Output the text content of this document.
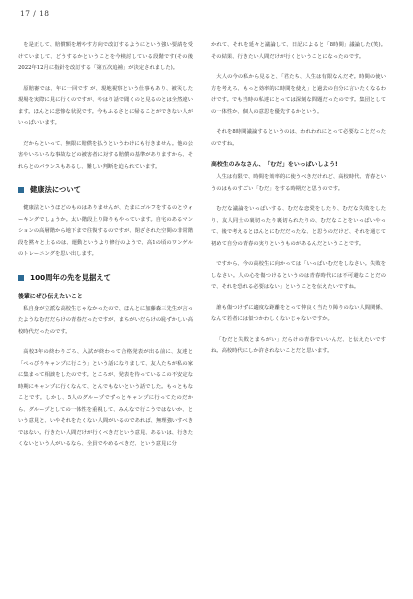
17 / 18

を是正して、賠償額を増やす方向で改訂するようにという強い要請を受けていまして、どうするかということを今検討している段階です(その後2022年12月に指針を改訂する「第五次追補」が決定されました)。

原賠審では、年に一回です が、現地視察という仕事もあり、被災した現場を実際に見に行くのですが、やはり話で聞くのと見るのとは全然違います。ほんとに悲惨な状況です。今もふるさとに帰ることができない人がいっぱいいます。

だからといって、無限に賠償を払うというわけにも行きません。他の公害やいろいろな事故などの被害者に対する賠償の基準がありますから、それらとのバランスもあるし、難しい判断を迫られています。

健康法について

健康法というほどのものはありませんが、たまにゴルフをするのとウォーキングでしょうか。太い階段上り降りもやっています。自宅のあるマンションの高層階から地下まで往復するのですが、閉ざされた空間の非常階段を黙々と上るのは、運動というより修行のようで、高1の頃のワンゲルのトレーニングを思い出します。

100周年の先を見据えて
後輩にぜひ伝えたいこと

私自身が立派な高校生じゃなかったので、ほんとに加藤森三先生が言ったようなむだだらけの青春だったですが、まちがいだらけの恥ずかしい高校時代だったのです。

高校3年の終わりごろ、入試が終わって合格発表が出る前に、友達と「ぺっぴりキャンプに行こう」という話になりまして、友人たちが私の家に集まって相談をしたのです。ところが、発表を待っているこの不安定な時期にキャンプに行くなんて、とんでもないという話でした。もっともなことです。しかし、5人のグループでずっとキャンプに行ってたのだから、グループとしての一体性を重視して、みんなで行こうではないか、という意見と、いやそれをたくない人間がいるのであれば、無理強いすべきではない。行きたい人間だけが行くべきだという意見、あるいは、行きたくないという人がいるなら、全員でやめるべきだ、という意見に分

かれて、それを延々と議論して、日記によると「8時間」議論した(笑)。その結果、行きたい人間だけが行くということになったのです。

大人の今の私から見ると、「君たち、人生は有限なんだぞ。時間の使い方を考えろ、もっと効率的に時間を使え」と過去の自分に言いたくなるわけです。でも当時の私達にとっては深刻な問題だったのです。集団としての一体性か、個人の意思を優先するかという。

それを8時間議論するというのは、われわれにとって必要なことだったのですね。

高校生のみなさん、「むだ」をいっぱいしよう!

人生は有限で、時間を効率的に使うべきだけれど、高校時代、青春というのはものすごい「むだ」をする時期だと思うのです。

むだな議論をいっぱいする、むだな恋愛をしたり、むだな失敗をしたり、友人同士の裏切ったり裏切られたりの、むだなことをいっぱいやって、後で考えるとほんとにむだだったな、と思うのだけど、それを通じて初めて自分の青春の実りというものがあるんだということです。

ですから、今の高校生に向かっては「いっぱいむだをしなさい。失敗をしなさい。人の心を傷つけるというのは青春時代には不可避なことだので、それを恐れる必要はない」ということを伝えたいですね。

誰も傷つけずに適度な距離をとって仲良く当たり障りのない人間関係、なんて若者には似つかわしくないじゃないですか。

「むだと失敗とまちがい」だらけの青春でいいんだ、と伝えたいですね。高校時代にしか許されないことだと思います。
